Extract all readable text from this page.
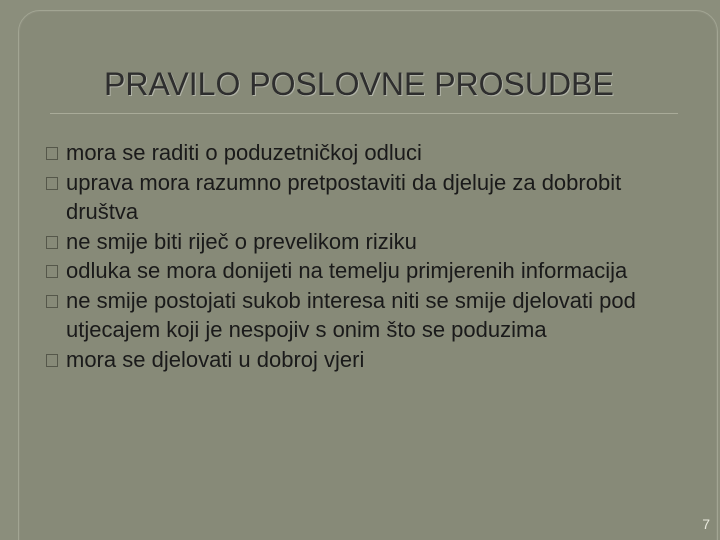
PRAVILO POSLOVNE PROSUDBE
mora se raditi o poduzetničkoj odluci
uprava mora razumno pretpostaviti da djeluje za dobrobit društva
ne smije biti riječ o prevelikom riziku
odluka se mora donijeti na temelju primjerenih informacija
ne smije postojati sukob interesa niti se smije djelovati pod utjecajem koji je nespojiv s onim što se poduzima
mora se djelovati u dobroj vjeri
7
